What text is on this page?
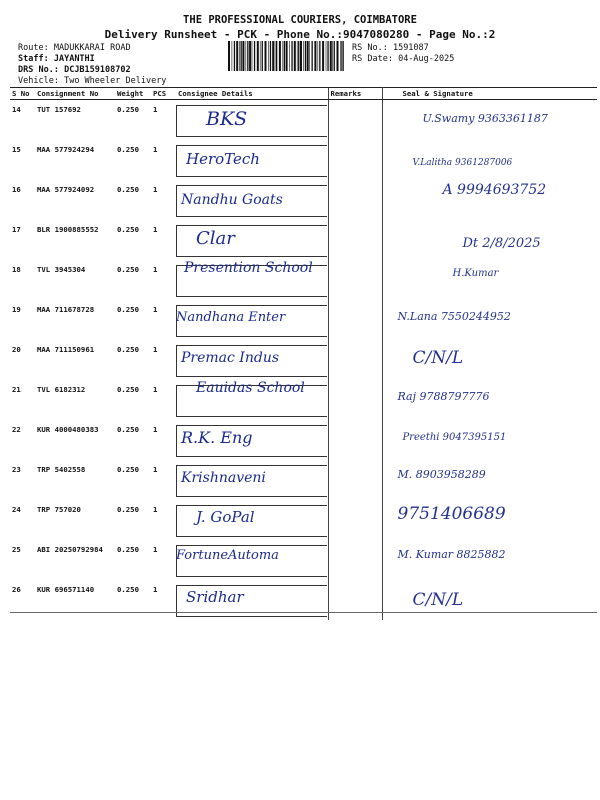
THE PROFESSIONAL COURIERS, COIMBATORE
Delivery Runsheet - PCK - Phone No.:9047080280 - Page No.:2
Route: MADUKKARAI ROAD
Staff: JAYANTHI
DRS No.: DCJB159108702
Vehicle: Two Wheeler Delivery
RS No.: 1591087
RS Date: 04-Aug-2025
S No	Consignment No	Weight	PCS	Consignee Details	Remarks	Seal & Signature
14	TUT 157692	0.250	1	BKS		U.Swamy 9363361187

15	MAA 577924294	0.250	1	HeroTech		V.Lalitha 9361287006

16	MAA 577924092	0.250	1	Nandhu Goats		A 9994693752

17	BLR 1900885552	0.250	1	Clar		Dt 2/8/2025

18	TVL 3945304	0.250	1	Presention School		H.Kumar

19	MAA 711678728	0.250	1	Nandhana Enter		N.Lana 7550244952

20	MAA 711150961	0.250	1	Premac Indus		C/N/L

21	TVL 6182312	0.250	1	Eauidas School		Raj 9788797776

22	KUR 4000480383	0.250	1	R.K. Eng		Preethi 9047395151

23	TRP 5402558	0.250	1	Krishnaveni		M. 8903958289

24	TRP 757020	0.250	1	J. GoPal		9751406689

25	ABI 20250792984	0.250	1	FortuneAutoma		M. Kumar 8825882

26	KUR 696571140	0.250	1	Sridhar		C/N/L
